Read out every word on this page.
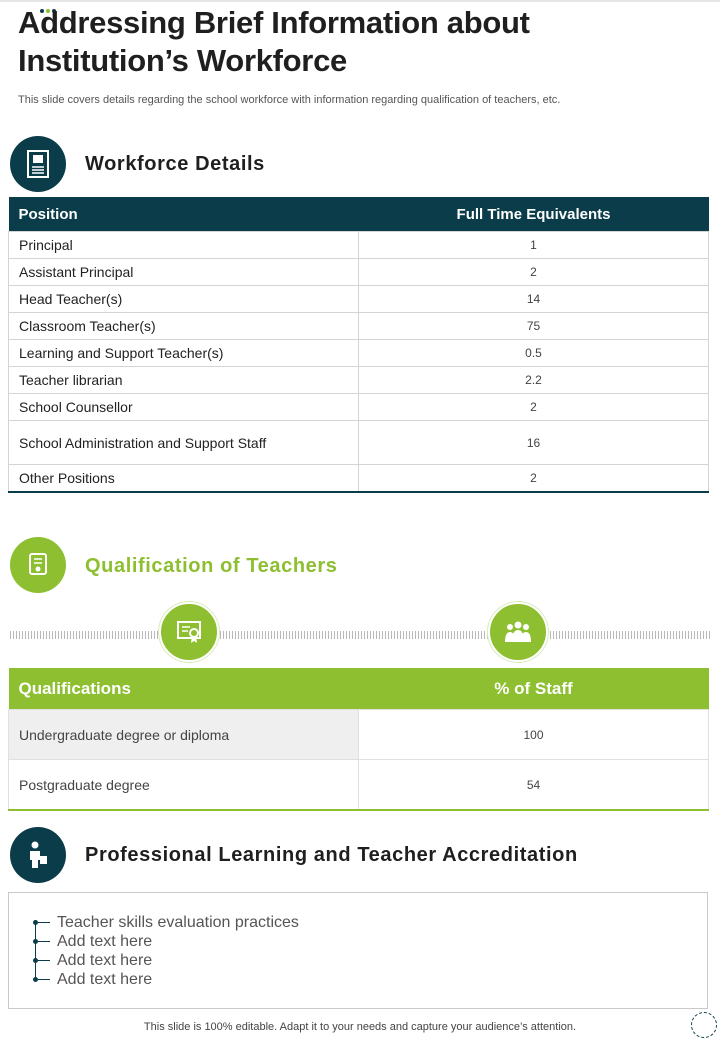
Addressing Brief Information about
Institution’s Workforce
This slide covers details regarding the school workforce with information regarding qualification of teachers, etc.
Workforce Details
Position	Full Time Equivalents
Principal	1
Assistant Principal	2
Head Teacher(s)	14
Classroom Teacher(s)	75
Learning and Support Teacher(s)	0.5
Teacher librarian	2.2
School Counsellor	2
School Administration and Support Staff	16
Other Positions	2
Qualification of Teachers
Qualifications	% of Staff
Undergraduate degree or diploma	100
Postgraduate degree	54
Professional Learning and Teacher Accreditation
Teacher skills evaluation practices
Add text here
Add text here
Add text here
This slide is 100% editable. Adapt it to your needs and capture your audience’s attention.
